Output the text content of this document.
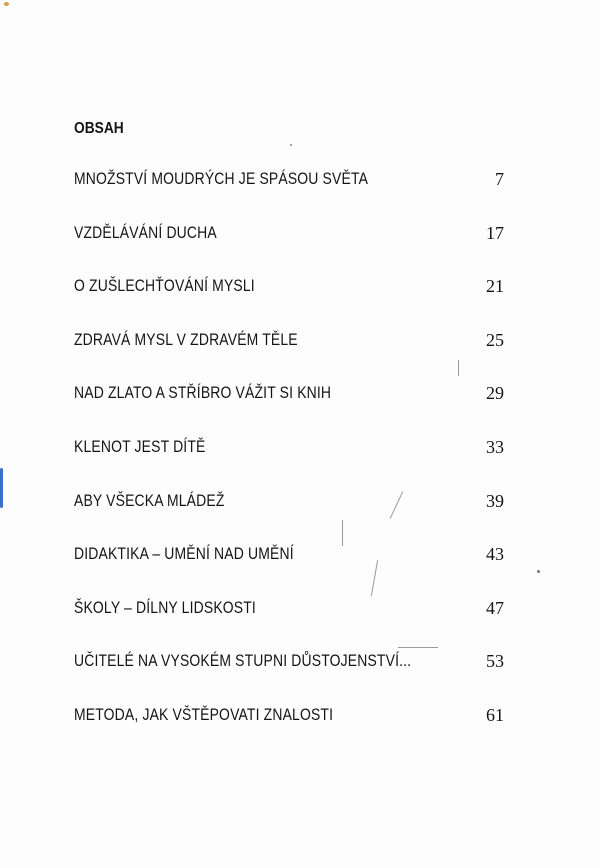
OBSAH
MNOŽSTVÍ MOUDRÝCH JE SPÁSOU SVĚTA	7
VZDĚLÁVÁNÍ DUCHA	17
O ZUŠLECHŤOVÁNÍ MYSLI	21
ZDRAVÁ MYSL V ZDRAVÉM TĚLE	25
NAD ZLATO A STŘÍBRO VÁŽIT SI KNIH	29
KLENOT JEST DÍTĚ	33
ABY VŠECKA MLÁDEŽ	39
DIDAKTIKA – UMĚNÍ NAD UMĚNÍ	43
ŠKOLY – DÍLNY LIDSKOSTI	47
UČITELÉ NA VYSOKÉM STUPNI DŮSTOJENSTVÍ...	53
METODA, JAK VŠTĚPOVATI ZNALOSTI	61
